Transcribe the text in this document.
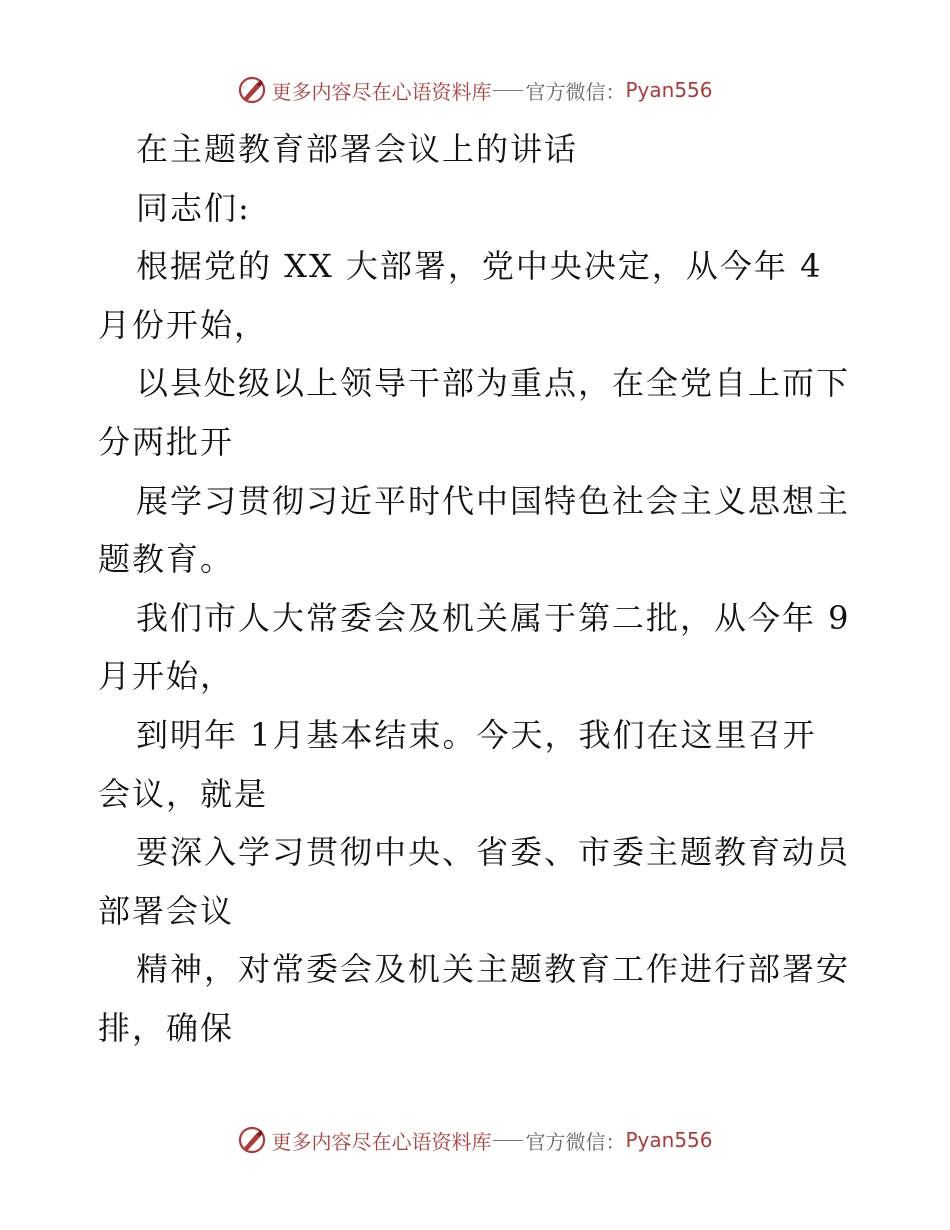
更多内容尽在心语资料库 官方微信： Pyan556
在主题教育部署会议上的讲话
同志们:
根据党的 XX 大部署，党中央决定，从今年 4
月份开始，
以县处级以上领导干部为重点，在全党自上而下
分两批开
展学习贯彻习近平时代中国特色社会主义思想主
题教育。
我们市人大常委会及机关属于第二批，从今年 9
月开始，
到明年 1月基本结束。今天，我们在这里召开
会议，就是
要深入学习贯彻中央、省委、市委主题教育动员
部署会议
精神，对常委会及机关主题教育工作进行部署安
排，确保
更多内容尽在心语资料库 官方微信： Pyan556
